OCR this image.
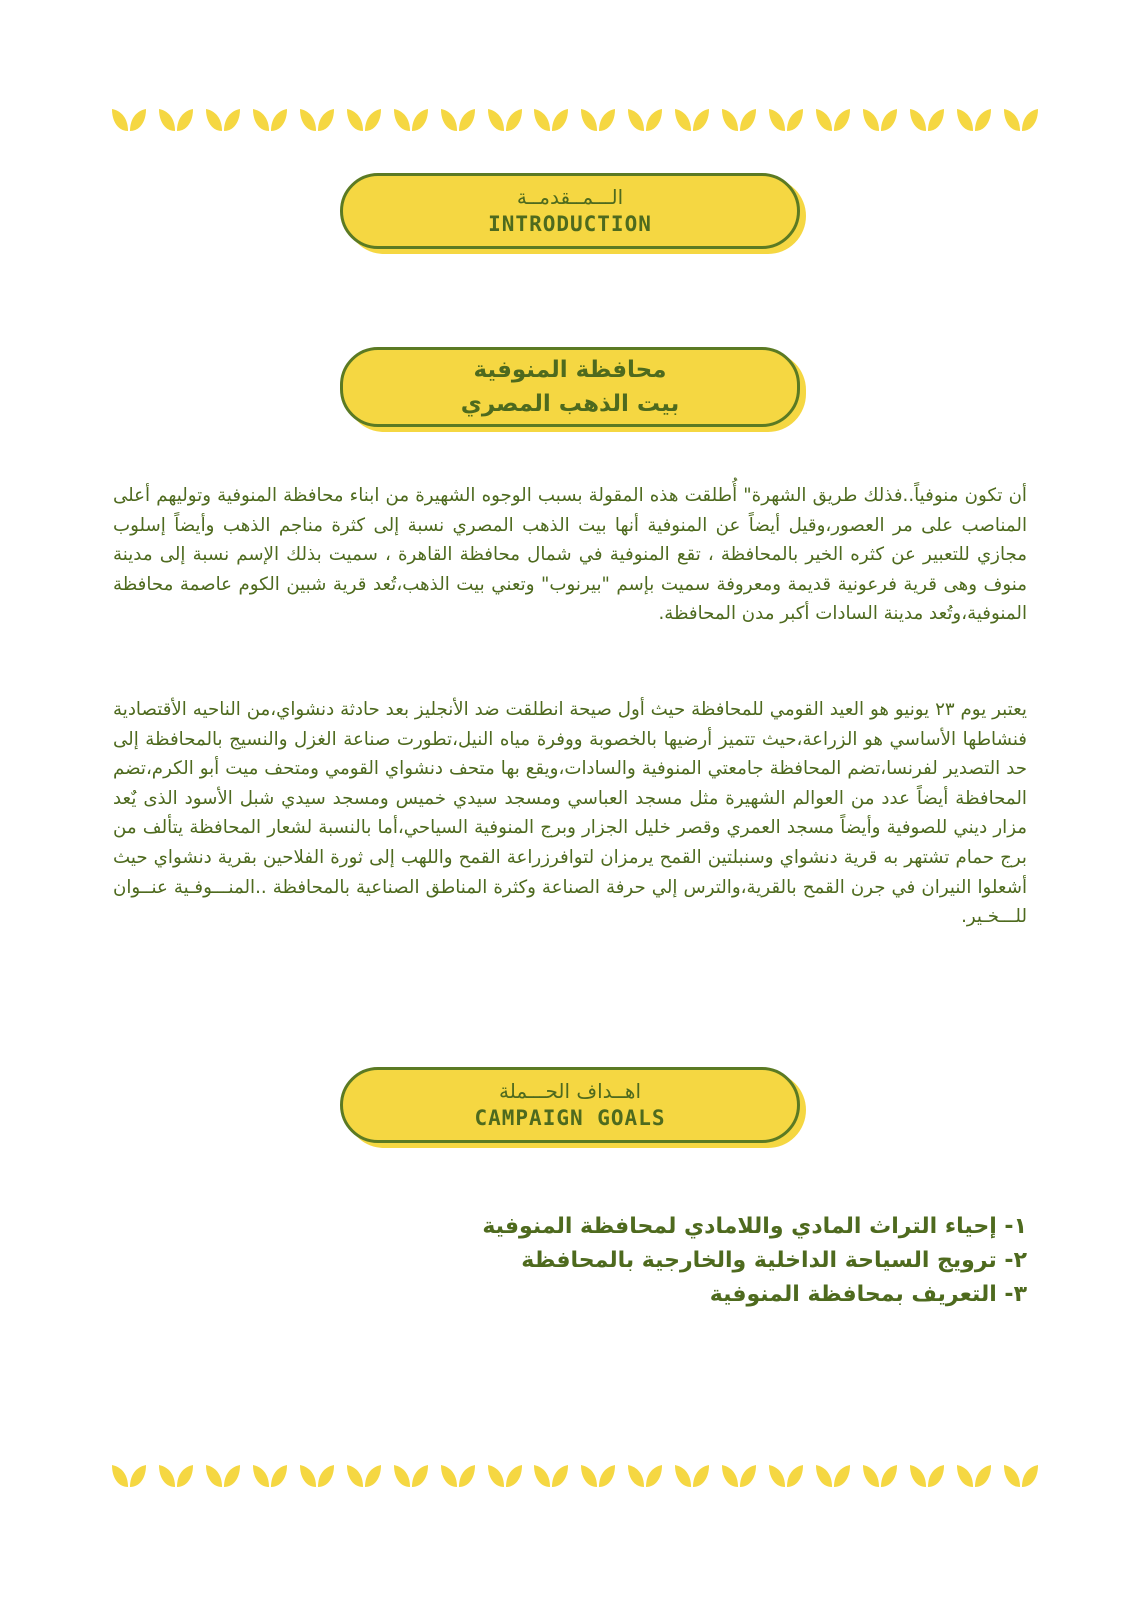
الـــمــقدمــة
INTRODUCTION
محافظة المنوفية
بيت الذهب المصري

أن تكون منوفياً..فذلك طريق الشهرة" أُطلقت هذه المقولة بسبب الوجوه الشهيرة من ابناء محافظة المنوفية وتوليهم أعلى المناصب على مر العصور،وقيل أيضاً عن المنوفية أنها بيت الذهب المصري نسبة إلى كثرة مناجم الذهب وأيضاً إسلوب مجازي للتعبير عن كثره الخير بالمحافظة ، تقع المنوفية في شمال محافظة القاهرة ، سميت بذلك الإسم نسبة إلى مدينة منوف وهى قرية فرعونية قديمة ومعروفة سميت بإسم "بيرنوب" وتعني بيت الذهب،تُعد قرية شبين الكوم عاصمة محافظة المنوفية،وتُعد مدينة السادات أكبر مدن المحافظة.

يعتبر يوم ٢٣ يونيو هو العيد القومي للمحافظة حيث أول صيحة انطلقت ضد الأنجليز بعد حادثة دنشواي،من الناحيه الأقتصادية فنشاطها الأساسي هو الزراعة،حيث تتميز أرضيها بالخصوبة ووفرة مياه النيل،تطورت صناعة الغزل والنسيج بالمحافظة إلى حد التصدير لفرنسا،تضم المحافظة جامعتي المنوفية والسادات،ويقع بها متحف دنشواي القومي ومتحف ميت أبو الكرم،تضم المحافظة أيضاً عدد من العوالم الشهيرة مثل مسجد العباسي ومسجد سيدي خميس ومسجد سيدي شبل الأسود الذى يٌعد مزار ديني للصوفية وأيضاً مسجد العمري وقصر خليل الجزار وبرج المنوفية السياحي،أما بالنسبة لشعار المحافظة يتألف من برج حمام تشتهر به قرية دنشواي وسنبلتين القمح يرمزان لتوافرزراعة القمح واللهب إلى ثورة الفلاحين بقرية دنشواي حيث أشعلوا النيران في جرن القمح بالقرية،والترس إلي حرفة الصناعة وكثرة المناطق الصناعية بالمحافظة ..المنـــوفـية عنــوان للـــخـير.

اهــداف الحـــملة
CAMPAIGN GOALS
١- إحياء التراث المادي واللامادي لمحافظة المنوفية
٢- ترويج السياحة الداخلية والخارجية بالمحافظة
٣- التعريف بمحافظة المنوفية
